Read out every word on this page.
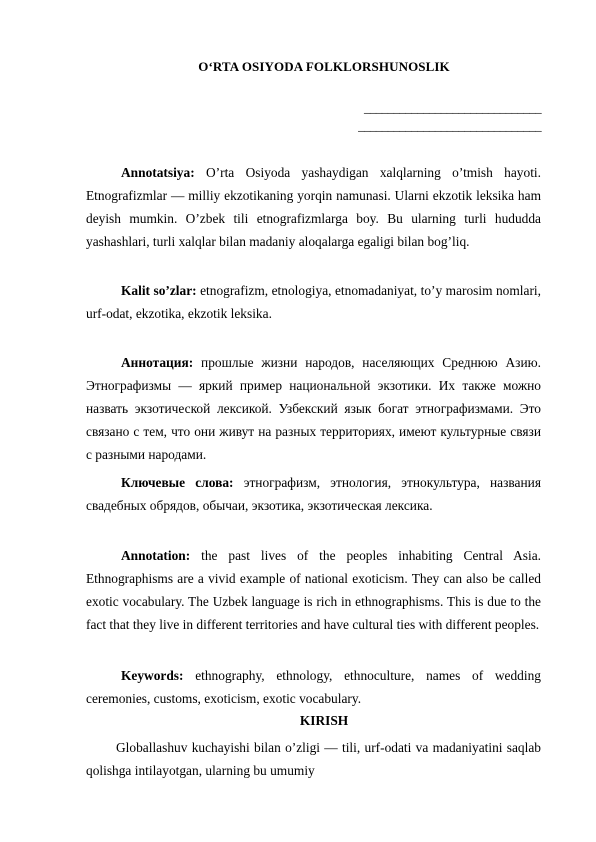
O‘RTA OSIYODA FOLKLORSHUNOSLIK
______________________________
_______________________________
Annotatsiya: O’rta Osiyoda yashaydigan xalqlarning o’tmish hayoti. Etnografizmlar — milliy ekzotikaning yorqin namunasi. Ularni ekzotik leksika ham deyish mumkin. O’zbek tili etnografizmlarga boy. Bu ularning turli hududda yashashlari, turli xalqlar bilan madaniy aloqalarga egaligi bilan bog’liq.
Kalit so’zlar: etnografizm, etnologiya, etnomadaniyat, to’y marosim nomlari, urf-odat, ekzotika, ekzotik leksika.
Аннотация: прошлые жизни народов, населяющих Среднюю Азию. Этнографизмы — яркий пример национальной экзотики. Их также можно назвать экзотической лексикой. Узбекский язык богат этнографизмами. Это связано с тем, что они живут на разных территориях, имеют культурные связи с разными народами.
Ключевые слова: этнографизм, этнология, этнокультура, названия свадебных обрядов, обычаи, экзотика, экзотическая лексика.
Annotation: the past lives of the peoples inhabiting Central Asia. Ethnographisms are a vivid example of national exoticism. They can also be called exotic vocabulary. The Uzbek language is rich in ethnographisms. This is due to the fact that they live in different territories and have cultural ties with different peoples.
Keywords: ethnography, ethnology, ethnoculture, names of wedding ceremonies, customs, exoticism, exotic vocabulary.
KIRISH
Globallashuv kuchayishi bilan o’zligi — tili, urf-odati va madaniyatini saqlab qolishga intilayotgan, ularning bu umumiy
